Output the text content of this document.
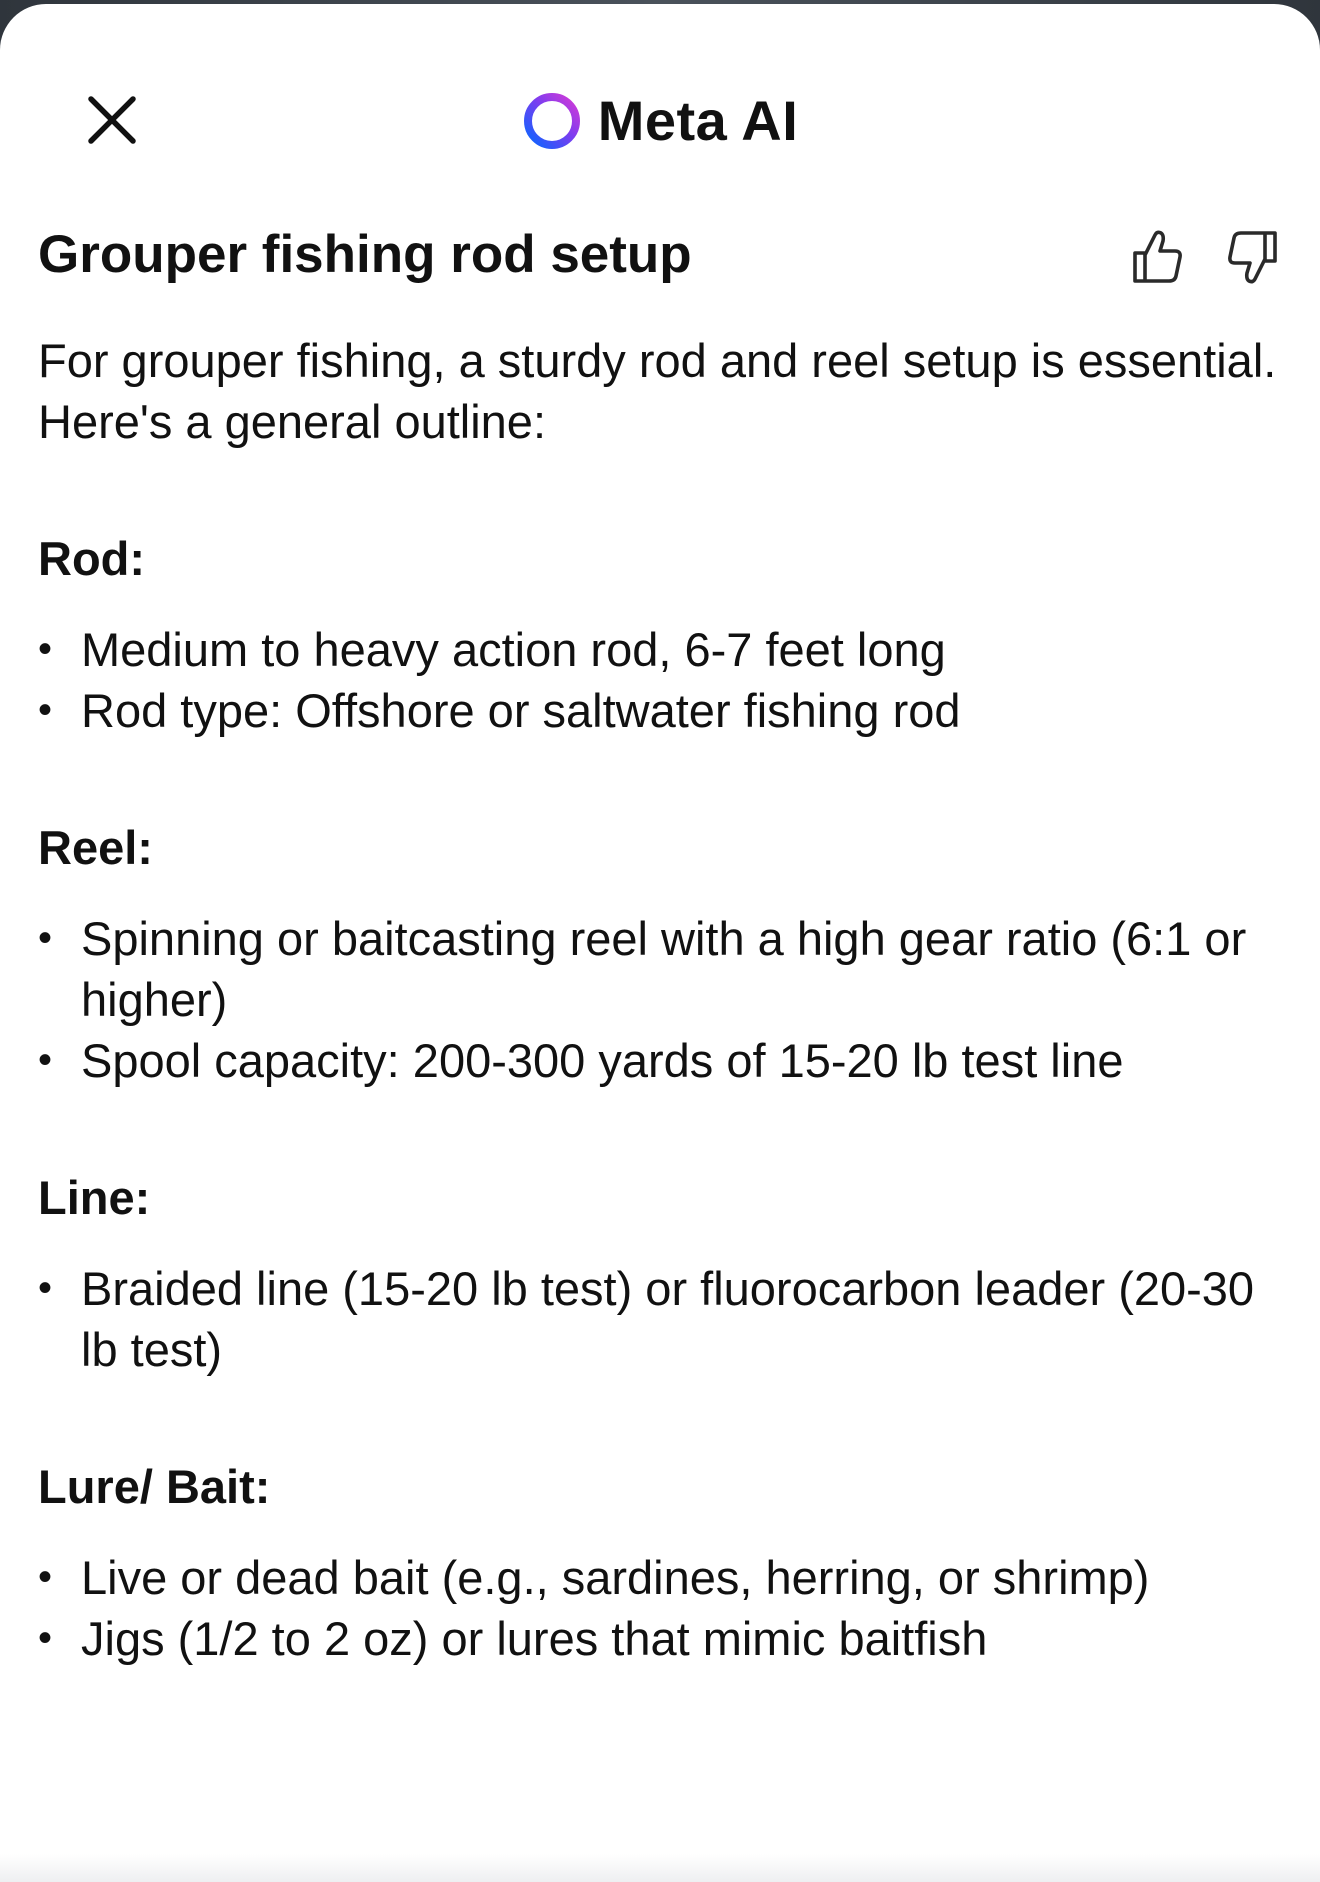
Meta AI
Grouper fishing rod setup

For grouper fishing, a sturdy rod and reel setup is essential. Here's a general outline:

Rod:
• Medium to heavy action rod, 6-7 feet long
• Rod type: Offshore or saltwater fishing rod
Reel:
• Spinning or baitcasting reel with a high gear ratio (6:1 or higher)
• Spool capacity: 200-300 yards of 15-20 lb test line
Line:
• Braided line (15-20 lb test) or fluorocarbon leader (20-30 lb test)
Lure/ Bait:
• Live or dead bait (e.g., sardines, herring, or shrimp)
• Jigs (1/2 to 2 oz) or lures that mimic baitfish
